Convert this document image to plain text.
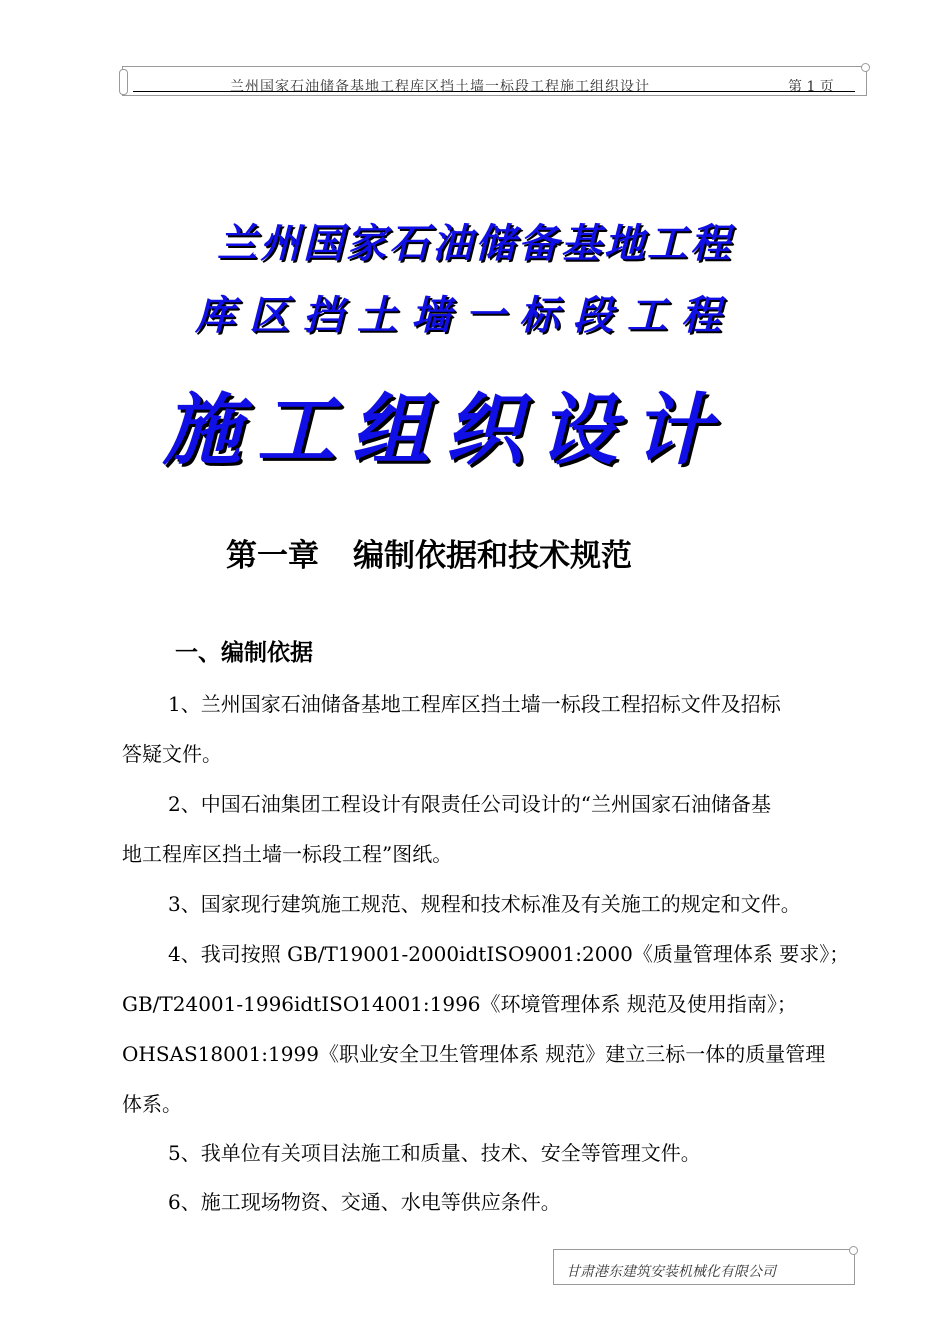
兰州国家石油储备基地工程库区挡土墙一标段工程施工组织设计	第 1 页
兰州国家石油储备基地工程
库区挡土墙一标段工程
施工组织设计
第一章 编制依据和技术规范
一、编制依据
1、兰州国家石油储备基地工程库区挡土墙一标段工程招标文件及招标
答疑文件。
2、中国石油集团工程设计有限责任公司设计的“兰州国家石油储备基
地工程库区挡土墙一标段工程”图纸。
3、国家现行建筑施工规范、规程和技术标准及有关施工的规定和文件。
4、我司按照 GB/T19001-2000idtISO9001:2000《质量管理体系 要求》；
GB/T24001-1996idtISO14001:1996《环境管理体系 规范及使用指南》；
OHSAS18001:1999《职业安全卫生管理体系 规范》建立三标一体的质量管理
体系。
5、我单位有关项目法施工和质量、技术、安全等管理文件。
6、施工现场物资、交通、水电等供应条件。
甘肃港东建筑安装机械化有限公司
